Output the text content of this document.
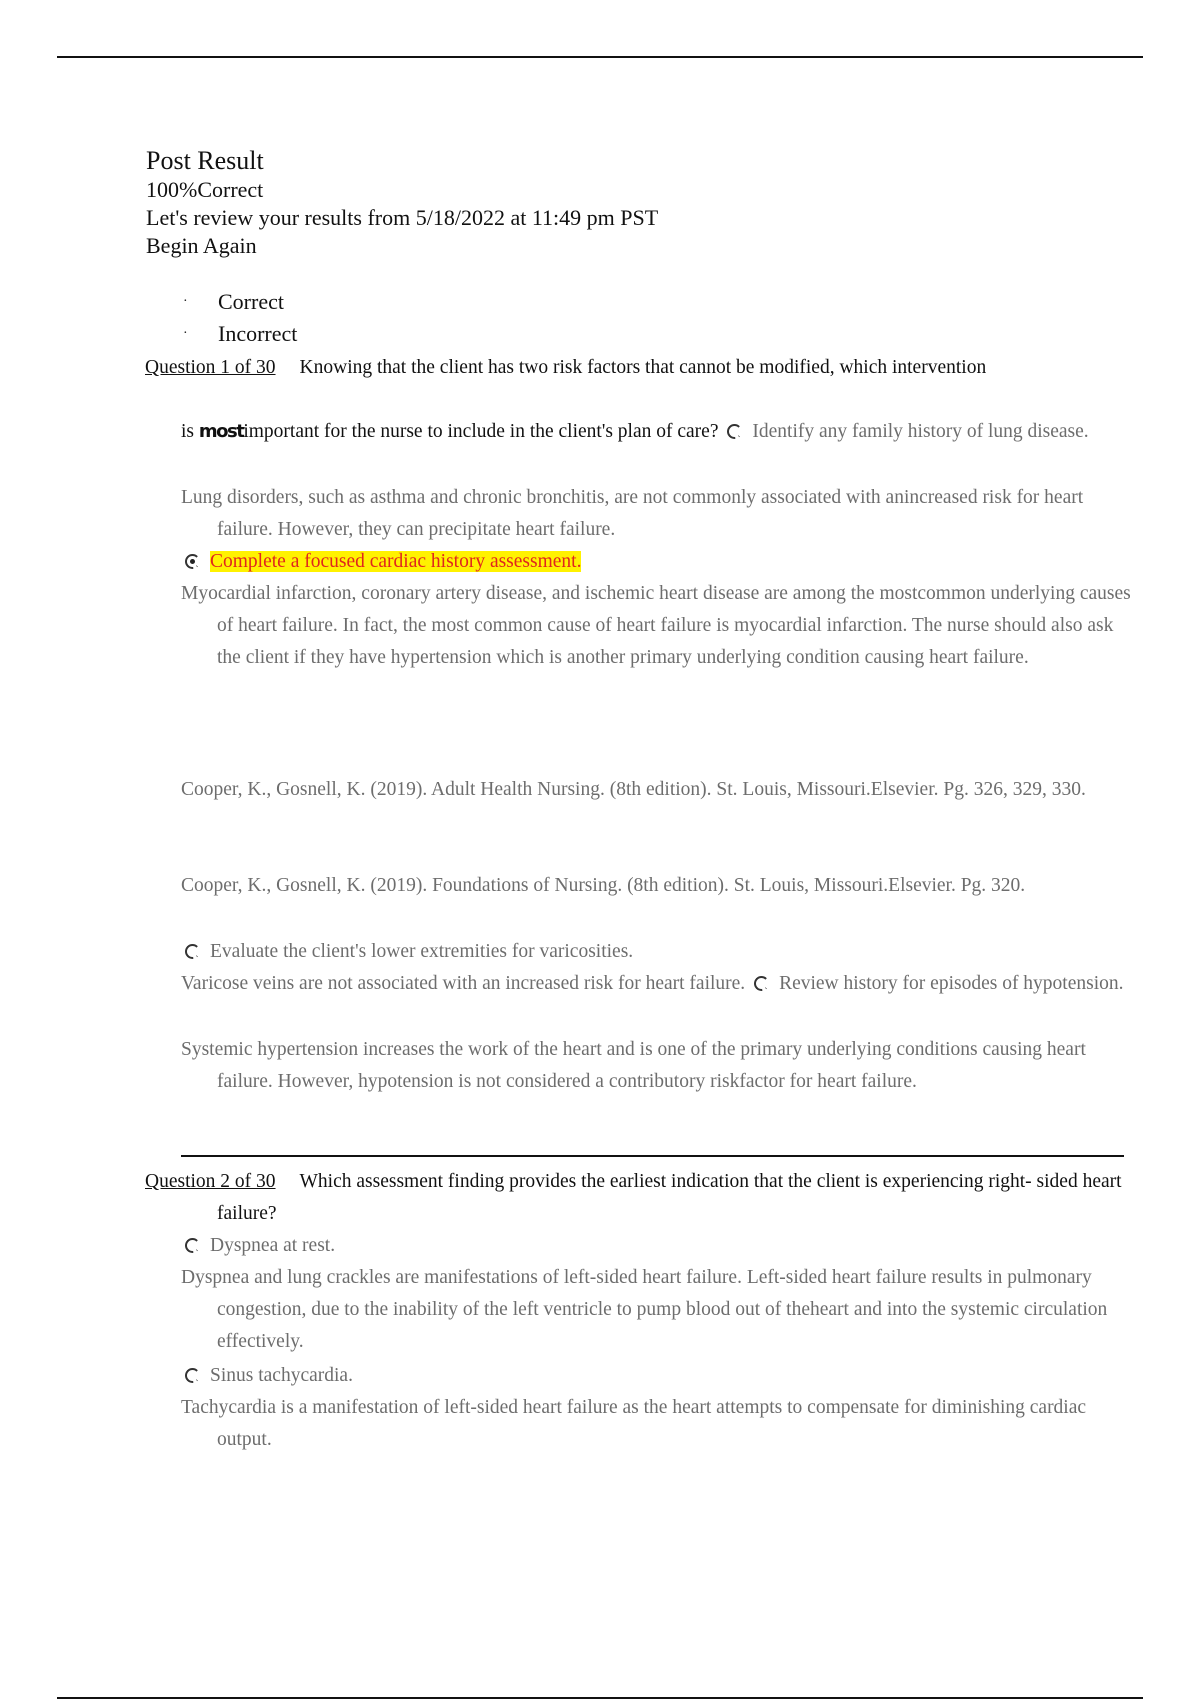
Post Result
100%Correct
Let's review your results from 5/18/2022 at 11:49 pm PST
Begin Again
· Correct
· Incorrect
Question 1 of 30 Knowing that the client has two risk factors that cannot be modified, which intervention
is mostimportant for the nurse to include in the client's plan of care? Identify any family history of lung disease.
Lung disorders, such as asthma and chronic bronchitis, are not commonly associated with anincreased risk for heart failure. However, they can precipitate heart failure.
Complete a focused cardiac history assessment.
Myocardial infarction, coronary artery disease, and ischemic heart disease are among the mostcommon underlying causes of heart failure. In fact, the most common cause of heart failure is myocardial infarction. The nurse should also ask the client if they have hypertension which is another primary underlying condition causing heart failure.
Cooper, K., Gosnell, K. (2019). Adult Health Nursing. (8th edition). St. Louis, Missouri.Elsevier. Pg. 326, 329, 330.
Cooper, K., Gosnell, K. (2019). Foundations of Nursing. (8th edition). St. Louis, Missouri.Elsevier. Pg. 320.
Evaluate the client's lower extremities for varicosities.
Varicose veins are not associated with an increased risk for heart failure. Review history for episodes of hypotension.
Systemic hypertension increases the work of the heart and is one of the primary underlying conditions causing heart failure. However, hypotension is not considered a contributory riskfactor for heart failure.
Question 2 of 30 Which assessment finding provides the earliest indication that the client is experiencing right- sided heart failure?
Dyspnea at rest.
Dyspnea and lung crackles are manifestations of left-sided heart failure. Left-sided heart failure results in pulmonary congestion, due to the inability of the left ventricle to pump blood out of theheart and into the systemic circulation effectively.
Sinus tachycardia.
Tachycardia is a manifestation of left-sided heart failure as the heart attempts to compensate for diminishing cardiac output.
